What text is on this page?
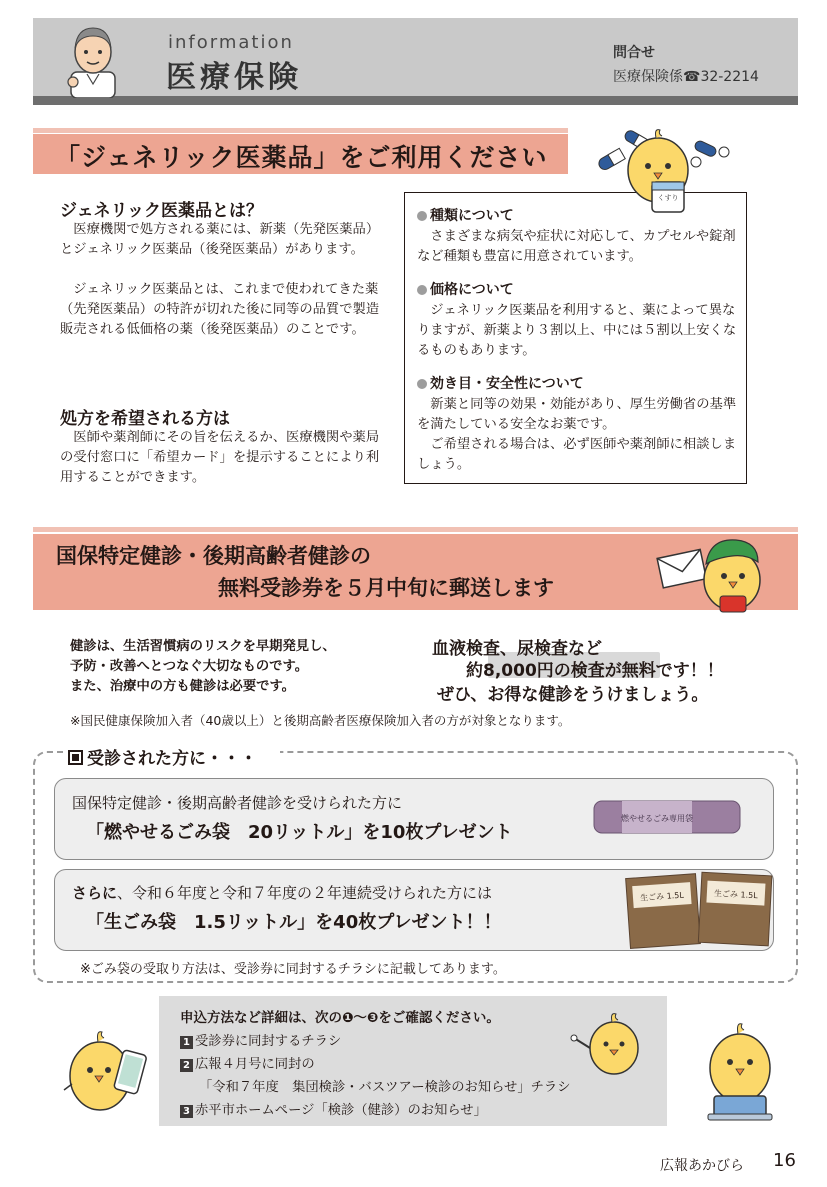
information
医療保険
問合せ
医療保険係☎32-2214
「ジェネリック医薬品」をご利用ください
ジェネリック医薬品とは？
　医療機関で処方される薬には、新薬（先発医薬品）とジェネリック医薬品（後発医薬品）があります。
　ジェネリック医薬品とは、これまで使われてきた薬（先発医薬品）の特許が切れた後に同等の品質で製造販売される低価格の薬（後発医薬品）のことです。
処方を希望される方は
　医師や薬剤師にその旨を伝えるか、医療機関や薬局の受付窓口に「希望カード」を提示することにより利用することができます。
種類について
　さまざまな病気や症状に対応して、カプセルや錠剤など種類も豊富に用意されています。
価格について
　ジェネリック医薬品を利用すると、薬によって異なりますが、新薬より３割以上、中には５割以上安くなるものもあります。
効き目・安全性について
　新薬と同等の効果・効能があり、厚生労働省の基準を満たしている安全なお薬です。
　ご希望される場合は、必ず医師や薬剤師に相談しましょう。
くすり
国保特定健診・後期高齢者健診の
無料受診券を５月中旬に郵送します
健診は、生活習慣病のリスクを早期発見し、
予防・改善へとつなぐ大切なものです。
また、治療中の方も健診は必要です。
血液検査、尿検査など
約8,000円の検査が無料です！！
ぜひ、お得な健診をうけましょう。
※国民健康保険加入者（40歳以上）と後期高齢者医療保険加入者の方が対象となります。
受診された方に・・・
国保特定健診・後期高齢者健診を受けられた方に
「燃やせるごみ袋　20リットル」を10枚プレゼント
燃やせるごみ専用袋
さらに、令和６年度と令和７年度の２年連続受けられた方には
「生ごみ袋　1.5リットル」を40枚プレゼント！！
生ごみ 1.5L	生ごみ 1.5L
※ごみ袋の受取り方法は、受診券に同封するチラシに記載してあります。
申込方法など詳細は、次の❶～❸をご確認ください。
1 受診券に同封するチラシ
2 広報４月号に同封の
「令和７年度　集団検診・バスツアー検診のお知らせ」チラシ
3 赤平市ホームページ「検診（健診）のお知らせ」
広報あかびら 16
